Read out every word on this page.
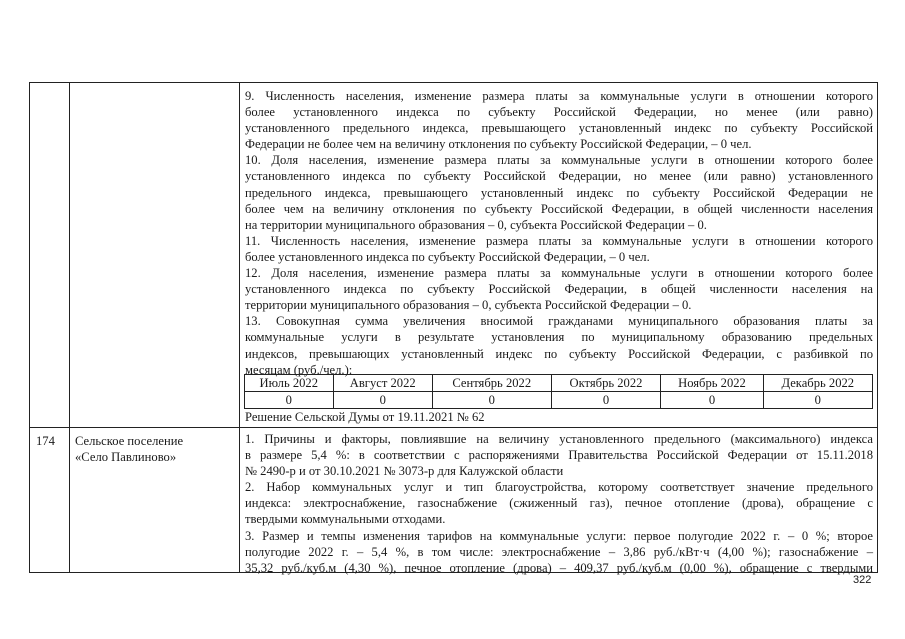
9. Численность населения, изменение размера платы за коммунальные услуги в отношении которого
более установленного индекса по субъекту Российской Федерации, но менее (или равно)
установленного предельного индекса, превышающего установленный индекс по субъекту Российской
Федерации не более чем на величину отклонения по субъекту Российской Федерации, – 0 чел.
10. Доля населения, изменение размера платы за коммунальные услуги в отношении которого более
установленного индекса по субъекту Российской Федерации, но менее (или равно) установленного
предельного индекса, превышающего установленный индекс по субъекту Российской Федерации не
более чем на величину отклонения по субъекту Российской Федерации, в общей численности населения
на территории муниципального образования – 0, субъекта Российской Федерации – 0.
11. Численность населения, изменение размера платы за коммунальные услуги в отношении которого
более установленного индекса по субъекту Российской Федерации, – 0 чел.
12. Доля населения, изменение размера платы за коммунальные услуги в отношении которого более
установленного индекса по субъекту Российской Федерации, в общей численности населения на
территории муниципального образования – 0, субъекта Российской Федерации – 0.
13. Совокупная сумма увеличения вносимой гражданами муниципального образования платы за
коммунальные услуги в результате установления по муниципальному образованию предельных
индексов, превышающих установленный индекс по субъекту Российской Федерации, с разбивкой по
месяцам (руб./чел.):
Июль 2022	Август 2022	Сентябрь 2022	Октябрь 2022	Ноябрь 2022	Декабрь 2022
0	0	0	0	0	0
Решение Сельской Думы от 19.11.2021 № 62
174 Сельское поселение
«Село Павлиново»
1. Причины и факторы, повлиявшие на величину установленного предельного (максимального) индекса
в размере 5,4 %: в соответствии с распоряжениями Правительства Российской Федерации от 15.11.2018
№ 2490-р и от 30.10.2021 № 3073-р для Калужской области
2. Набор коммунальных услуг и тип благоустройства, которому соответствует значение предельного
индекса: электроснабжение, газоснабжение (сжиженный газ), печное отопление (дрова), обращение с
твердыми коммунальными отходами.
3. Размер и темпы изменения тарифов на коммунальные услуги: первое полугодие 2022 г. – 0 %; второе
полугодие 2022 г. – 5,4 %, в том числе: электроснабжение – 3,86 руб./кВт·ч (4,00 %); газоснабжение –
35,32 руб./куб.м (4,30 %), печное отопление (дрова) – 409,37 руб./куб.м (0,00 %), обращение с твердыми
322
